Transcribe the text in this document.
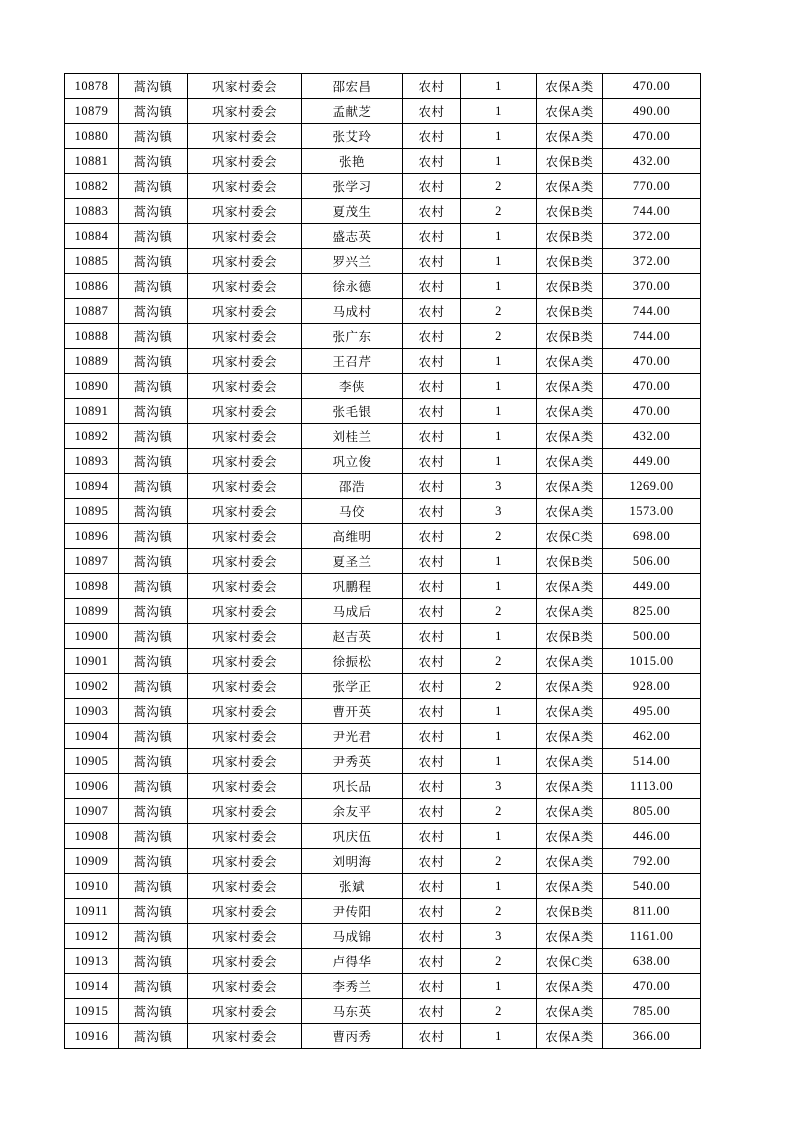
10878	蒿沟镇	巩家村委会	邵宏昌	农村	1	农保A类	470.00
10879	蒿沟镇	巩家村委会	孟献芝	农村	1	农保A类	490.00
10880	蒿沟镇	巩家村委会	张艾玲	农村	1	农保A类	470.00
10881	蒿沟镇	巩家村委会	张艳	农村	1	农保B类	432.00
10882	蒿沟镇	巩家村委会	张学习	农村	2	农保A类	770.00
10883	蒿沟镇	巩家村委会	夏茂生	农村	2	农保B类	744.00
10884	蒿沟镇	巩家村委会	盛志英	农村	1	农保B类	372.00
10885	蒿沟镇	巩家村委会	罗兴兰	农村	1	农保B类	372.00
10886	蒿沟镇	巩家村委会	徐永德	农村	1	农保B类	370.00
10887	蒿沟镇	巩家村委会	马成村	农村	2	农保B类	744.00
10888	蒿沟镇	巩家村委会	张广东	农村	2	农保B类	744.00
10889	蒿沟镇	巩家村委会	王召芹	农村	1	农保A类	470.00
10890	蒿沟镇	巩家村委会	李侠	农村	1	农保A类	470.00
10891	蒿沟镇	巩家村委会	张毛银	农村	1	农保A类	470.00
10892	蒿沟镇	巩家村委会	刘桂兰	农村	1	农保A类	432.00
10893	蒿沟镇	巩家村委会	巩立俊	农村	1	农保A类	449.00
10894	蒿沟镇	巩家村委会	邵浩	农村	3	农保A类	1269.00
10895	蒿沟镇	巩家村委会	马佼	农村	3	农保A类	1573.00
10896	蒿沟镇	巩家村委会	高维明	农村	2	农保C类	698.00
10897	蒿沟镇	巩家村委会	夏圣兰	农村	1	农保B类	506.00
10898	蒿沟镇	巩家村委会	巩鹏程	农村	1	农保A类	449.00
10899	蒿沟镇	巩家村委会	马成后	农村	2	农保A类	825.00
10900	蒿沟镇	巩家村委会	赵吉英	农村	1	农保B类	500.00
10901	蒿沟镇	巩家村委会	徐振松	农村	2	农保A类	1015.00
10902	蒿沟镇	巩家村委会	张学正	农村	2	农保A类	928.00
10903	蒿沟镇	巩家村委会	曹开英	农村	1	农保A类	495.00
10904	蒿沟镇	巩家村委会	尹光君	农村	1	农保A类	462.00
10905	蒿沟镇	巩家村委会	尹秀英	农村	1	农保A类	514.00
10906	蒿沟镇	巩家村委会	巩长品	农村	3	农保A类	1113.00
10907	蒿沟镇	巩家村委会	余友平	农村	2	农保A类	805.00
10908	蒿沟镇	巩家村委会	巩庆伍	农村	1	农保A类	446.00
10909	蒿沟镇	巩家村委会	刘明海	农村	2	农保A类	792.00
10910	蒿沟镇	巩家村委会	张斌	农村	1	农保A类	540.00
10911	蒿沟镇	巩家村委会	尹传阳	农村	2	农保B类	811.00
10912	蒿沟镇	巩家村委会	马成锦	农村	3	农保A类	1161.00
10913	蒿沟镇	巩家村委会	卢得华	农村	2	农保C类	638.00
10914	蒿沟镇	巩家村委会	李秀兰	农村	1	农保A类	470.00
10915	蒿沟镇	巩家村委会	马东英	农村	2	农保A类	785.00
10916	蒿沟镇	巩家村委会	曹丙秀	农村	1	农保A类	366.00
